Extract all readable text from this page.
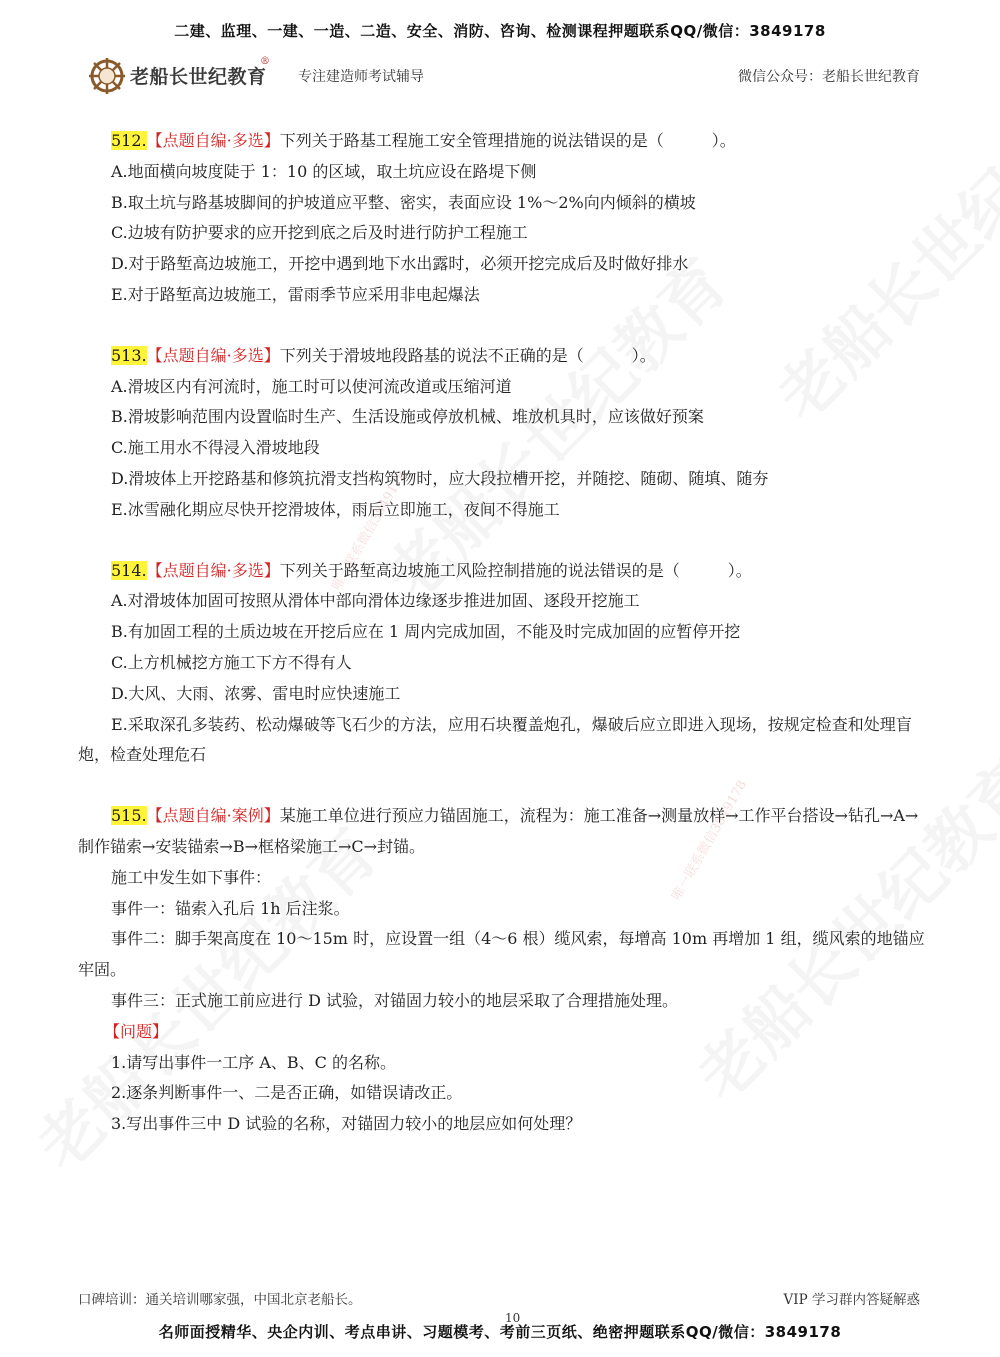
唯一联系微信3849178
唯一联系微信3849178
二建、监理、一建、一造、二造、安全、消防、咨询、检测课程押题联系QQ/微信：3849178
老船长世纪教育
®
专注建造师考试辅导	微信公众号：老船长世纪教育
512.【点题自编·多选】下列关于路基工程施工安全管理措施的说法错误的是（　　　）。
A.地面横向坡度陡于 1：10 的区域，取土坑应设在路堤下侧
B.取土坑与路基坡脚间的护坡道应平整、密实，表面应设 1%～2%向内倾斜的横坡
C.边坡有防护要求的应开挖到底之后及时进行防护工程施工
D.对于路堑高边坡施工，开挖中遇到地下水出露时，必须开挖完成后及时做好排水
E.对于路堑高边坡施工，雷雨季节应采用非电起爆法
513.【点题自编·多选】下列关于滑坡地段路基的说法不正确的是（　　　）。
A.滑坡区内有河流时，施工时可以使河流改道或压缩河道
B.滑坡影响范围内设置临时生产、生活设施或停放机械、堆放机具时，应该做好预案
C.施工用水不得浸入滑坡地段
D.滑坡体上开挖路基和修筑抗滑支挡构筑物时，应大段拉槽开挖，并随挖、随砌、随填、随夯
E.冰雪融化期应尽快开挖滑坡体，雨后立即施工，夜间不得施工
514.【点题自编·多选】下列关于路堑高边坡施工风险控制措施的说法错误的是（　　　）。
A.对滑坡体加固可按照从滑体中部向滑体边缘逐步推进加固、逐段开挖施工
B.有加固工程的土质边坡在开挖后应在 1 周内完成加固，不能及时完成加固的应暂停开挖
C.上方机械挖方施工下方不得有人
D.大风、大雨、浓雾、雷电时应快速施工
E.采取深孔多装药、松动爆破等飞石少的方法，应用石块覆盖炮孔，爆破后应立即进入现场，按规定检查和处理盲炮，检查处理危石
515.【点题自编·案例】某施工单位进行预应力锚固施工，流程为：施工准备→测量放样→工作平台搭设→钻孔→A→制作锚索→安装锚索→B→框格梁施工→C→封锚。
施工中发生如下事件：
事件一：锚索入孔后 1h 后注浆。
事件二：脚手架高度在 10～15m 时，应设置一组（4～6 根）缆风索，每增高 10m 再增加 1 组，缆风索的地锚应牢固。
事件三：正式施工前应进行 D 试验，对锚固力较小的地层采取了合理措施处理。
【问题】
1.请写出事件一工序 A、B、C 的名称。
2.逐条判断事件一、二是否正确，如错误请改正。
3.写出事件三中 D 试验的名称，对锚固力较小的地层应如何处理？
口碑培训：通关培训哪家强，中国北京老船长。	VIP 学习群内答疑解惑
10
名师面授精华、央企内训、考点串讲、习题模考、考前三页纸、绝密押题联系QQ/微信：3849178
